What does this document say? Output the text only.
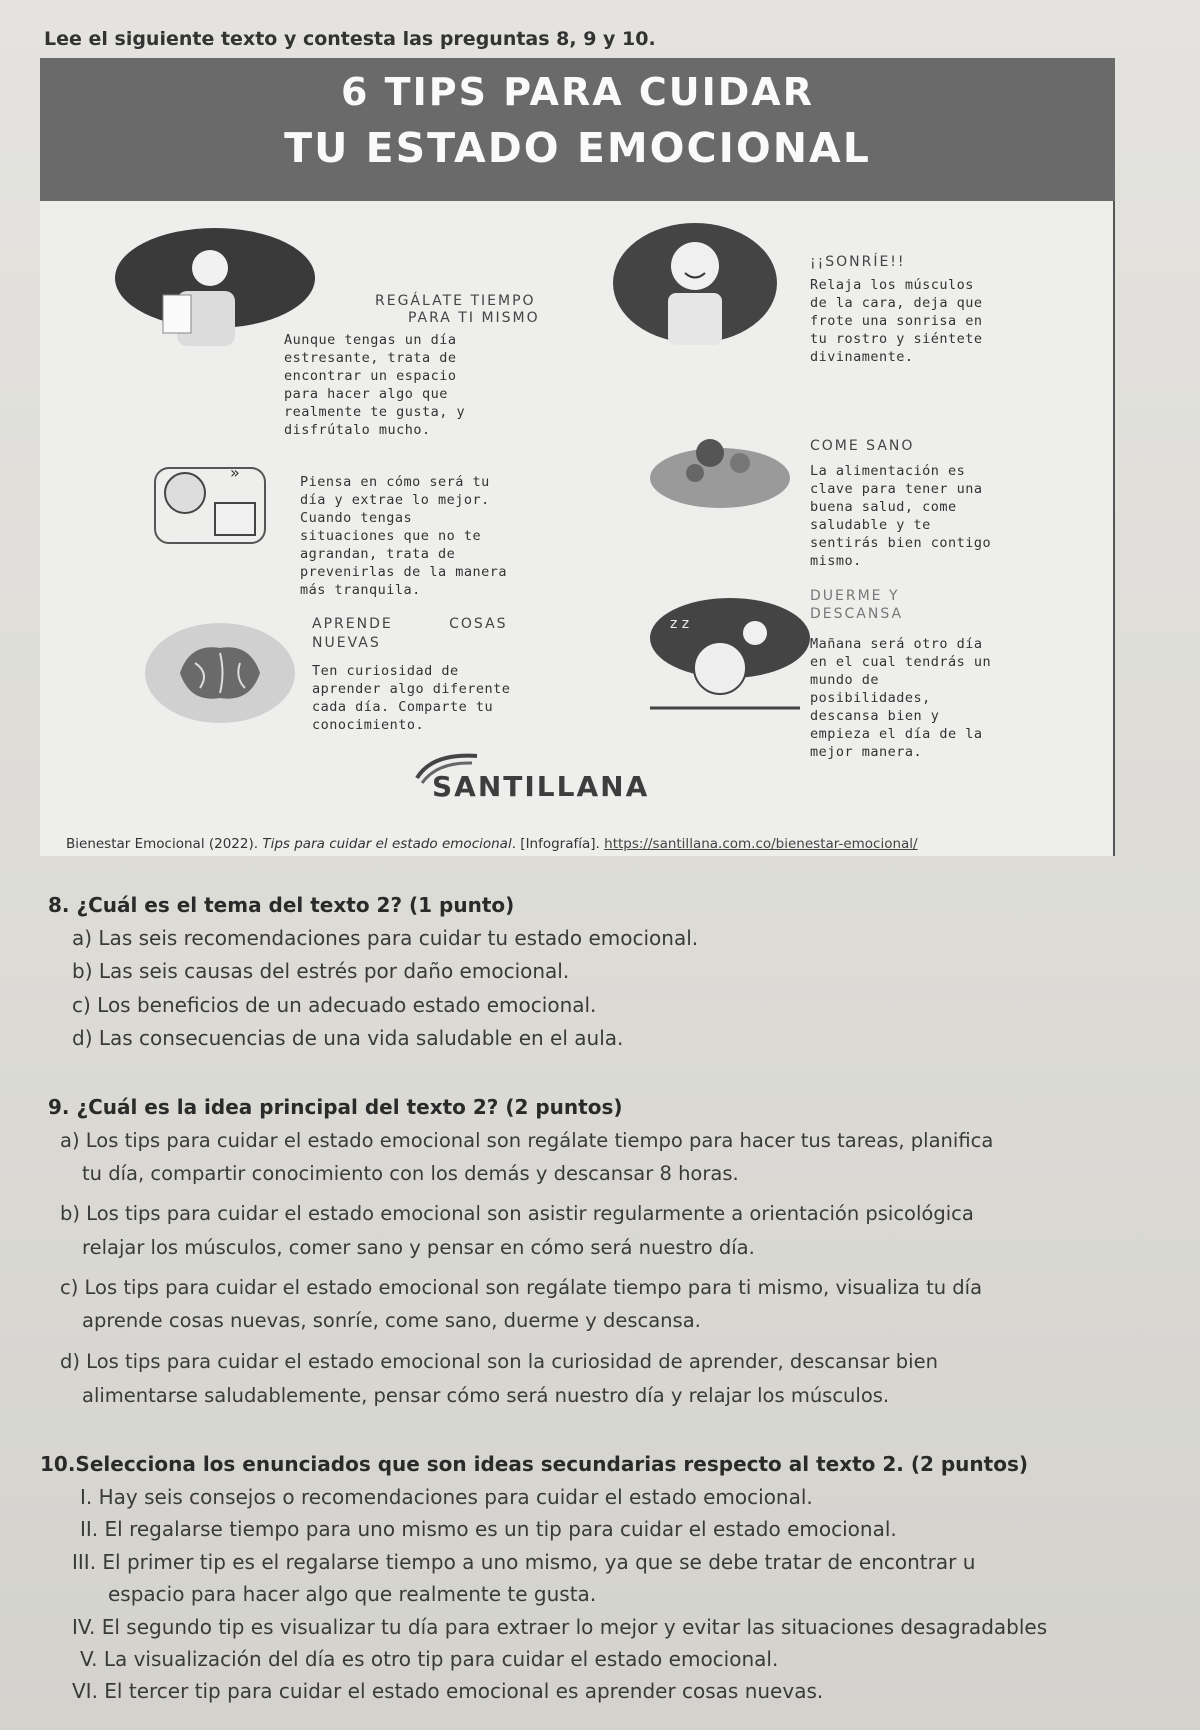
Lee el siguiente texto y contesta las preguntas 8, 9 y 10.
6 TIPS PARA CUIDAR
TU ESTADO EMOCIONAL
REGÁLATE TIEMPO
PARA TI MISMO
Aunque tengas un día
estresante, trata de
encontrar un espacio
para hacer algo que
realmente te gusta, y
disfrútalo mucho.
¡¡SONRÍE!!
Relaja los músculos
de la cara, deja que
frote una sonrisa en
tu rostro y siéntete
divinamente.
»	Piensa en cómo será tu
día y extrae lo mejor.
Cuando tengas
situaciones que no te
agrandan, trata de
prevenirlas de la manera
más tranquila.
COME SANO
La alimentación es
clave para tener una
buena salud, come
saludable y te
sentirás bien contigo
mismo.
APRENDE COSAS
NUEVAS
Ten curiosidad de
aprender algo diferente
cada día. Comparte tu
conocimiento.
z z
DUERME Y
DESCANSA
Mañana será otro día
en el cual tendrás un
mundo de
posibilidades,
descansa bien y
empieza el día de la
mejor manera.
SANTILLANA
Bienestar Emocional (2022). Tips para cuidar el estado emocional. [Infografía]. https://santillana.com.co/bienestar-emocional/
8. ¿Cuál es el tema del texto 2? (1 punto)
a) Las seis recomendaciones para cuidar tu estado emocional.
b) Las seis causas del estrés por daño emocional.
c) Los beneficios de un adecuado estado emocional.
d) Las consecuencias de una vida saludable en el aula.
9. ¿Cuál es la idea principal del texto 2? (2 puntos)
a) Los tips para cuidar el estado emocional son regálate tiempo para hacer tus tareas, planifica
tu día, compartir conocimiento con los demás y descansar 8 horas.
b) Los tips para cuidar el estado emocional son asistir regularmente a orientación psicológica
relajar los músculos, comer sano y pensar en cómo será nuestro día.
c) Los tips para cuidar el estado emocional son regálate tiempo para ti mismo, visualiza tu día
aprende cosas nuevas, sonríe, come sano, duerme y descansa.
d) Los tips para cuidar el estado emocional son la curiosidad de aprender, descansar bien
alimentarse saludablemente, pensar cómo será nuestro día y relajar los músculos.
10.Selecciona los enunciados que son ideas secundarias respecto al texto 2. (2 puntos)
I. Hay seis consejos o recomendaciones para cuidar el estado emocional.
II. El regalarse tiempo para uno mismo es un tip para cuidar el estado emocional.
III. El primer tip es el regalarse tiempo a uno mismo, ya que se debe tratar de encontrar u
espacio para hacer algo que realmente te gusta.
IV. El segundo tip es visualizar tu día para extraer lo mejor y evitar las situaciones desagradables
V. La visualización del día es otro tip para cuidar el estado emocional.
VI. El tercer tip para cuidar el estado emocional es aprender cosas nuevas.
